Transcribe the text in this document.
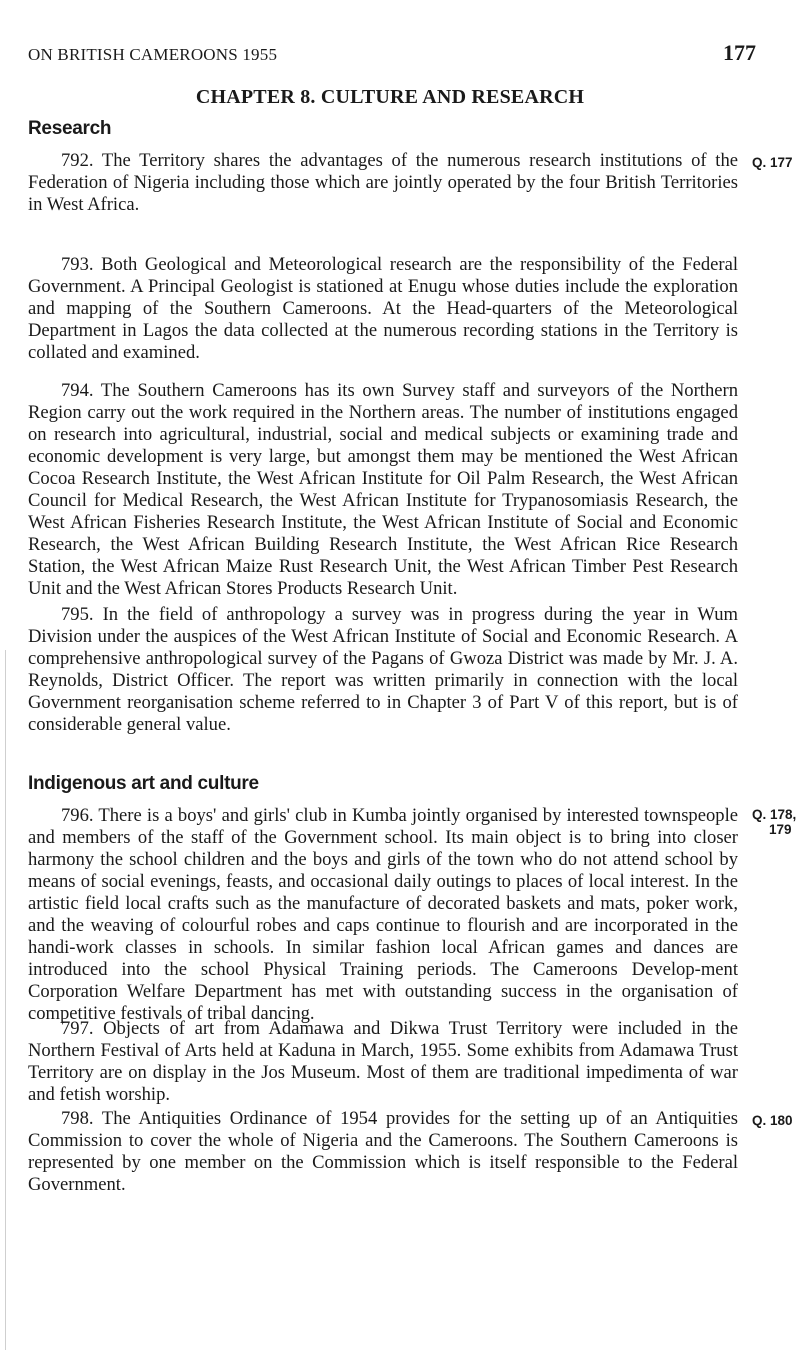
ON BRITISH CAMEROONS 1955	177
CHAPTER 8. CULTURE AND RESEARCH
Research

792. The Territory shares the advantages of the numerous research institutions of the Federation of Nigeria including those which are jointly operated by the four British Territories in West Africa.

Q. 177

793. Both Geological and Meteorological research are the responsibility of the Federal Government. A Principal Geologist is stationed at Enugu whose duties include the exploration and mapping of the Southern Cameroons. At the Head-quarters of the Meteorological Department in Lagos the data collected at the numerous recording stations in the Territory is collated and examined.

794. The Southern Cameroons has its own Survey staff and surveyors of the Northern Region carry out the work required in the Northern areas. The number of institutions engaged on research into agricultural, industrial, social and medical subjects or examining trade and economic development is very large, but amongst them may be mentioned the West African Cocoa Research Institute, the West African Institute for Oil Palm Research, the West African Council for Medical Research, the West African Institute for Trypanosomiasis Research, the West African Fisheries Research Institute, the West African Institute of Social and Economic Research, the West African Building Research Institute, the West African Rice Research Station, the West African Maize Rust Research Unit, the West African Timber Pest Research Unit and the West African Stores Products Research Unit.

795. In the field of anthropology a survey was in progress during the year in Wum Division under the auspices of the West African Institute of Social and Economic Research. A comprehensive anthropological survey of the Pagans of Gwoza District was made by Mr. J. A. Reynolds, District Officer. The report was written primarily in connection with the local Government reorganisation scheme referred to in Chapter 3 of Part V of this report, but is of considerable general value.

Indigenous art and culture

796. There is a boys' and girls' club in Kumba jointly organised by interested townspeople and members of the staff of the Government school. Its main object is to bring into closer harmony the school children and the boys and girls of the town who do not attend school by means of social evenings, feasts, and occasional daily outings to places of local interest. In the artistic field local crafts such as the manufacture of decorated baskets and mats, poker work, and the weaving of colourful robes and caps continue to flourish and are incorporated in the handi-work classes in schools. In similar fashion local African games and dances are introduced into the school Physical Training periods. The Cameroons Develop-ment Corporation Welfare Department has met with outstanding success in the organisation of competitive festivals of tribal dancing.

Q. 178,
179

797. Objects of art from Adamawa and Dikwa Trust Territory were included in the Northern Festival of Arts held at Kaduna in March, 1955. Some exhibits from Adamawa Trust Territory are on display in the Jos Museum. Most of them are traditional impedimenta of war and fetish worship.

798. The Antiquities Ordinance of 1954 provides for the setting up of an Antiquities Commission to cover the whole of Nigeria and the Cameroons. The Southern Cameroons is represented by one member on the Commission which is itself responsible to the Federal Government.

Q. 180
